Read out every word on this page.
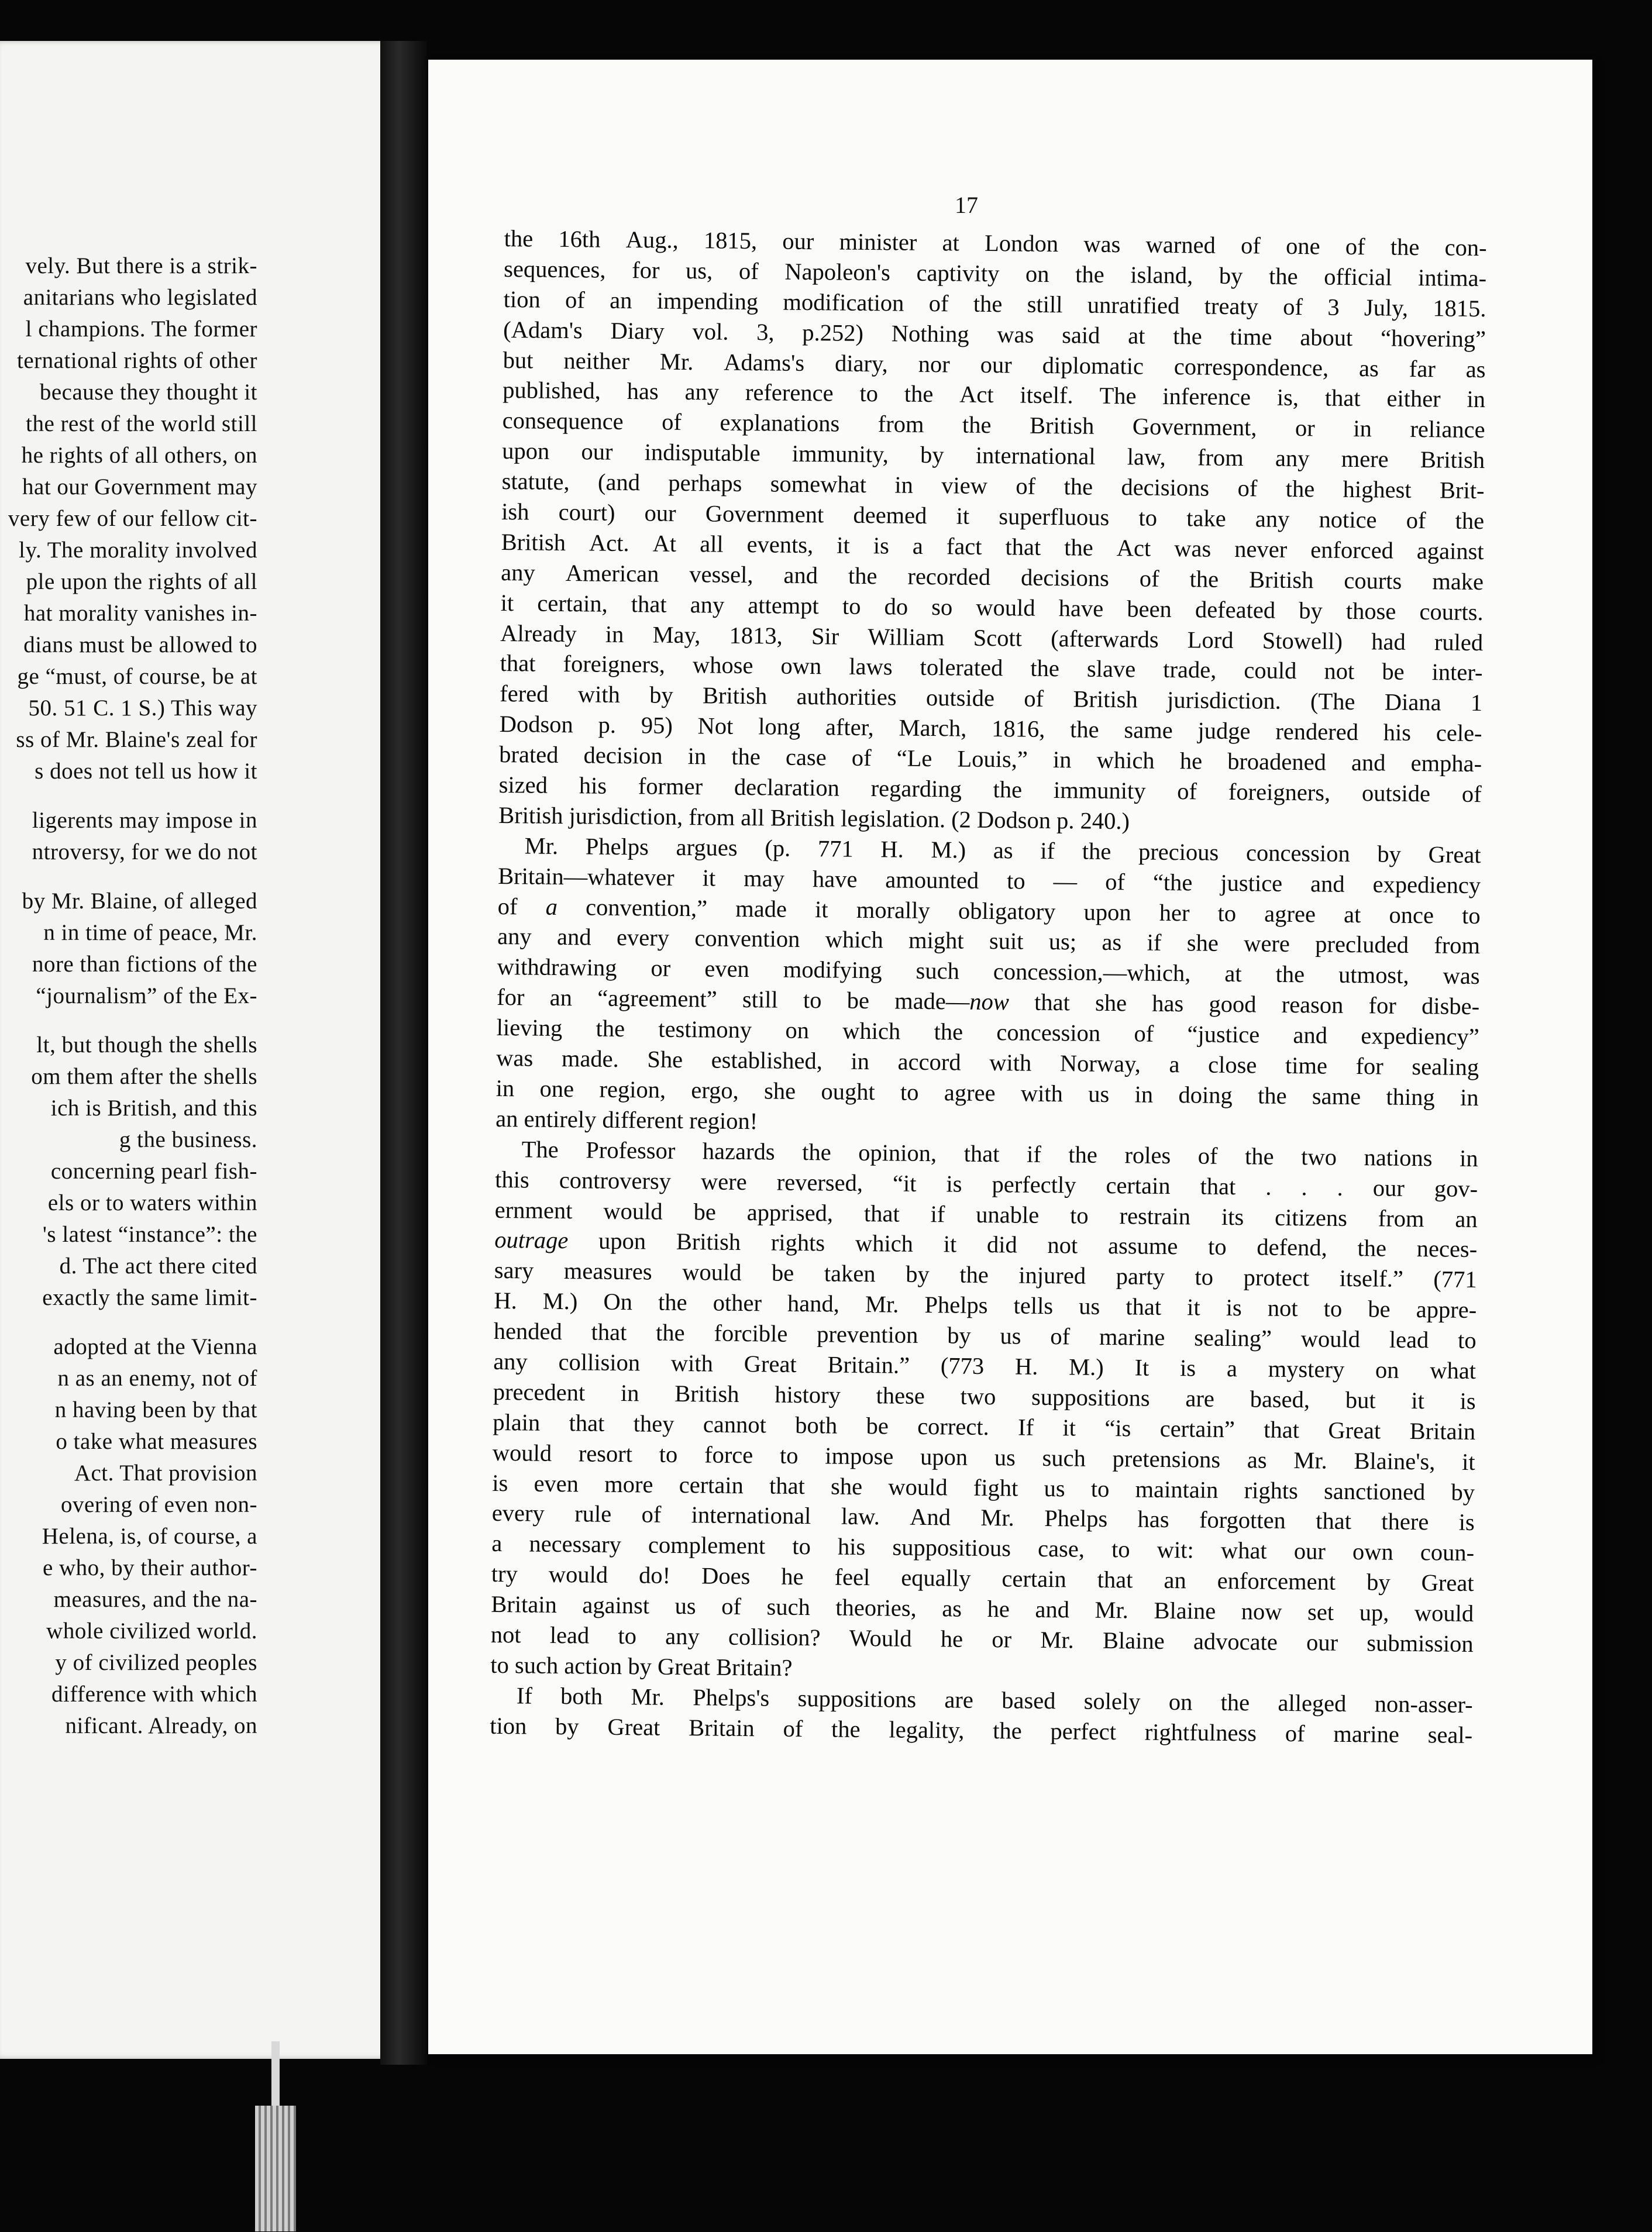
vely. But there is a strik-
anitarians who legislated
l champions. The former
ternational rights of other
because they thought it
the rest of the world still
he rights of all others, on
hat our Government may
very few of our fellow cit-
ly. The morality involved
ple upon the rights of all
hat morality vanishes in-
dians must be allowed to
ge “must, of course, be at
50. 51 C. 1 S.) This way
ss of Mr. Blaine's zeal for
s does not tell us how it
ligerents may impose in
ntroversy, for we do not
by Mr. Blaine, of alleged
n in time of peace, Mr.
nore than fictions of the
“journalism” of the Ex-
lt, but though the shells
om them after the shells
ich is British, and this
g the business.
concerning pearl fish-
els or to waters within
's latest “instance”: the
d. The act there cited
exactly the same limit-
adopted at the Vienna
n as an enemy, not of
n having been by that
o take what measures
Act. That provision
overing of even non-
Helena, is, of course, a
e who, by their author-
measures, and the na-
whole civilized world.
y of civilized peoples
difference with which
nificant. Already, on
17
the 16th Aug., 1815, our minister at London was warned of one of the con-
sequences, for us, of Napoleon's captivity on the island, by the official intima-
tion of an impending modification of the still unratified treaty of 3 July, 1815.
(Adam's Diary vol. 3, p.252) Nothing was said at the time about “hovering”
but neither Mr. Adams's diary, nor our diplomatic correspondence, as far as
published, has any reference to the Act itself. The inference is, that either in
consequence of explanations from the British Government, or in reliance
upon our indisputable immunity, by international law, from any mere British
statute, (and perhaps somewhat in view of the decisions of the highest Brit-
ish court) our Government deemed it superfluous to take any notice of the
British Act. At all events, it is a fact that the Act was never enforced against
any American vessel, and the recorded decisions of the British courts make
it certain, that any attempt to do so would have been defeated by those courts.
Already in May, 1813, Sir William Scott (afterwards Lord Stowell) had ruled
that foreigners, whose own laws tolerated the slave trade, could not be inter-
fered with by British authorities outside of British jurisdiction. (The Diana 1
Dodson p. 95) Not long after, March, 1816, the same judge rendered his cele-
brated decision in the case of “Le Louis,” in which he broadened and empha-
sized his former declaration regarding the immunity of foreigners, outside of
British jurisdiction, from all British legislation. (2 Dodson p. 240.)
Mr. Phelps argues (p. 771 H. M.) as if the precious concession by Great
Britain—whatever it may have amounted to — of “the justice and expediency
of a convention,” made it morally obligatory upon her to agree at once to
any and every convention which might suit us; as if she were precluded from
withdrawing or even modifying such concession,—which, at the utmost, was
for an “agreement” still to be made—now that she has good reason for disbe-
lieving the testimony on which the concession of “justice and expediency”
was made. She established, in accord with Norway, a close time for sealing
in one region, ergo, she ought to agree with us in doing the same thing in
an entirely different region!
The Professor hazards the opinion, that if the roles of the two nations in
this controversy were reversed, “it is perfectly certain that . . . our gov-
ernment would be apprised, that if unable to restrain its citizens from an
outrage upon British rights which it did not assume to defend, the neces-
sary measures would be taken by the injured party to protect itself.” (771
H. M.) On the other hand, Mr. Phelps tells us that it is not to be appre-
hended that the forcible prevention by us of marine sealing” would lead to
any collision with Great Britain.” (773 H. M.) It is a mystery on what
precedent in British history these two suppositions are based, but it is
plain that they cannot both be correct. If it “is certain” that Great Britain
would resort to force to impose upon us such pretensions as Mr. Blaine's, it
is even more certain that she would fight us to maintain rights sanctioned by
every rule of international law. And Mr. Phelps has forgotten that there is
a necessary complement to his suppositious case, to wit: what our own coun-
try would do! Does he feel equally certain that an enforcement by Great
Britain against us of such theories, as he and Mr. Blaine now set up, would
not lead to any collision? Would he or Mr. Blaine advocate our submission
to such action by Great Britain?
If both Mr. Phelps's suppositions are based solely on the alleged non-asser-
tion by Great Britain of the legality, the perfect rightfulness of marine seal-
